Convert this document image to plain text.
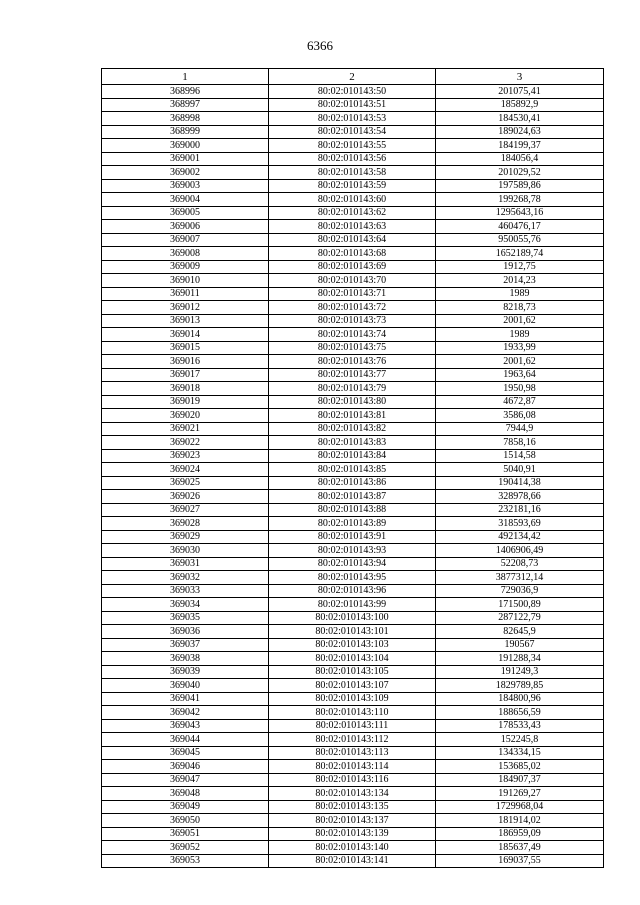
6366
1	2	3
368996	80:02:010143:50	201075,41
368997	80:02:010143:51	185892,9
368998	80:02:010143:53	184530,41
368999	80:02:010143:54	189024,63
369000	80:02:010143:55	184199,37
369001	80:02:010143:56	184056,4
369002	80:02:010143:58	201029,52
369003	80:02:010143:59	197589,86
369004	80:02:010143:60	199268,78
369005	80:02:010143:62	1295643,16
369006	80:02:010143:63	460476,17
369007	80:02:010143:64	950055,76
369008	80:02:010143:68	1652189,74
369009	80:02:010143:69	1912,75
369010	80:02:010143:70	2014,23
369011	80:02:010143:71	1989
369012	80:02:010143:72	8218,73
369013	80:02:010143:73	2001,62
369014	80:02:010143:74	1989
369015	80:02:010143:75	1933,99
369016	80:02:010143:76	2001,62
369017	80:02:010143:77	1963,64
369018	80:02:010143:79	1950,98
369019	80:02:010143:80	4672,87
369020	80:02:010143:81	3586,08
369021	80:02:010143:82	7944,9
369022	80:02:010143:83	7858,16
369023	80:02:010143:84	1514,58
369024	80:02:010143:85	5040,91
369025	80:02:010143:86	190414,38
369026	80:02:010143:87	328978,66
369027	80:02:010143:88	232181,16
369028	80:02:010143:89	318593,69
369029	80:02:010143:91	492134,42
369030	80:02:010143:93	1406906,49
369031	80:02:010143:94	52208,73
369032	80:02:010143:95	3877312,14
369033	80:02:010143:96	729036,9
369034	80:02:010143:99	171500,89
369035	80:02:010143:100	287122,79
369036	80:02:010143:101	82645,9
369037	80:02:010143:103	190567
369038	80:02:010143:104	191288,34
369039	80:02:010143:105	191249,3
369040	80:02:010143:107	1829789,85
369041	80:02:010143:109	184800,96
369042	80:02:010143:110	188656,59
369043	80:02:010143:111	178533,43
369044	80:02:010143:112	152245,8
369045	80:02:010143:113	134334,15
369046	80:02:010143:114	153685,02
369047	80:02:010143:116	184907,37
369048	80:02:010143:134	191269,27
369049	80:02:010143:135	1729968,04
369050	80:02:010143:137	181914,02
369051	80:02:010143:139	186959,09
369052	80:02:010143:140	185637,49
369053	80:02:010143:141	169037,55
